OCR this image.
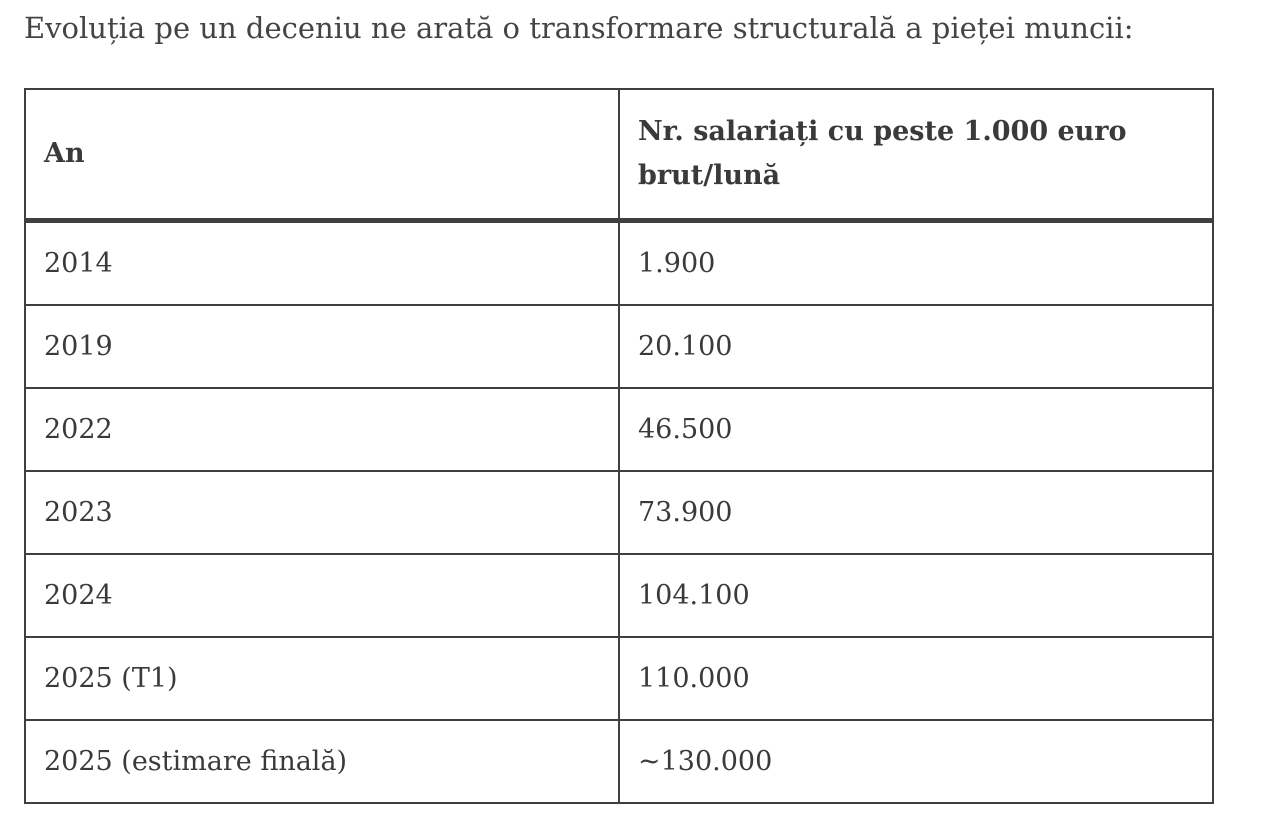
Evoluția pe un deceniu ne arată o transformare structurală a pieței muncii:

An	Nr. salariați cu peste 1.000 euro brut/lună
2014	1.900
2019	20.100
2022	46.500
2023	73.900
2024	104.100
2025 (T1)	110.000
2025 (estimare finală)	~130.000
